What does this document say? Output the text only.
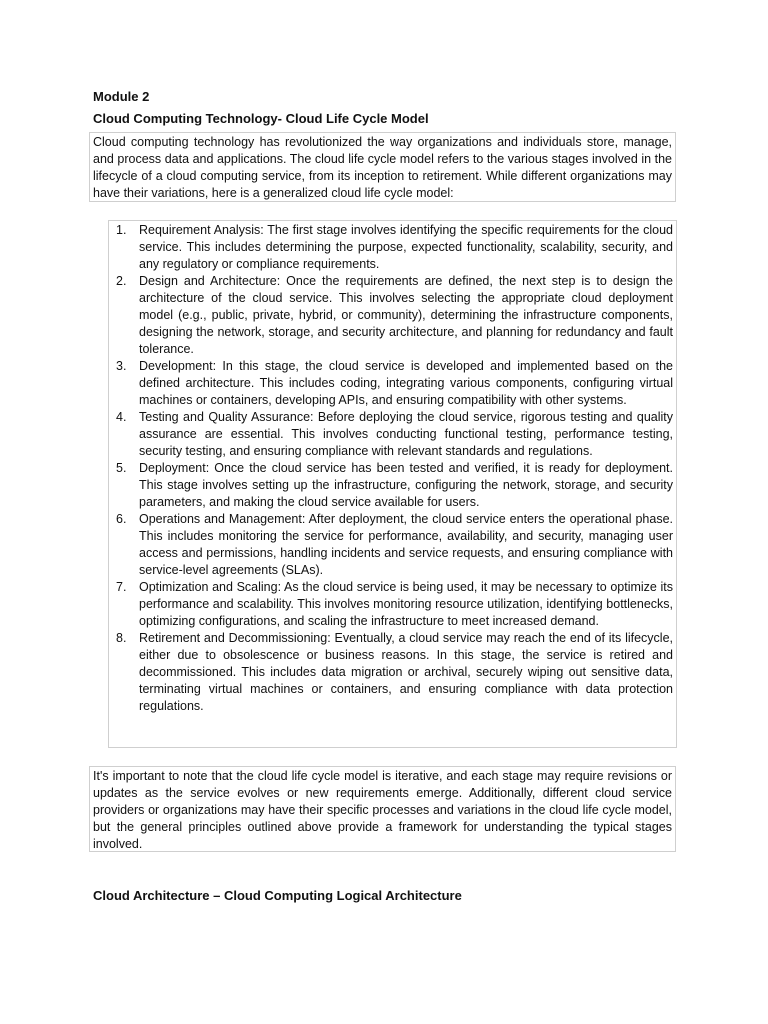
Module 2
Cloud Computing Technology- Cloud Life Cycle Model

Cloud computing technology has revolutionized the way organizations and individuals store, manage, and process data and applications. The cloud life cycle model refers to the various stages involved in the lifecycle of a cloud computing service, from its inception to retirement. While different organizations may have their variations, here is a generalized cloud life cycle model:

1. Requirement Analysis: The first stage involves identifying the specific requirements for the cloud service. This includes determining the purpose, expected functionality, scalability, security, and any regulatory or compliance requirements.
2. Design and Architecture: Once the requirements are defined, the next step is to design the architecture of the cloud service. This involves selecting the appropriate cloud deployment model (e.g., public, private, hybrid, or community), determining the infrastructure components, designing the network, storage, and security architecture, and planning for redundancy and fault tolerance.
3. Development: In this stage, the cloud service is developed and implemented based on the defined architecture. This includes coding, integrating various components, configuring virtual machines or containers, developing APIs, and ensuring compatibility with other systems.
4. Testing and Quality Assurance: Before deploying the cloud service, rigorous testing and quality assurance are essential. This involves conducting functional testing, performance testing, security testing, and ensuring compliance with relevant standards and regulations.
5. Deployment: Once the cloud service has been tested and verified, it is ready for deployment. This stage involves setting up the infrastructure, configuring the network, storage, and security parameters, and making the cloud service available for users.
6. Operations and Management: After deployment, the cloud service enters the operational phase. This includes monitoring the service for performance, availability, and security, managing user access and permissions, handling incidents and service requests, and ensuring compliance with service-level agreements (SLAs).
7. Optimization and Scaling: As the cloud service is being used, it may be necessary to optimize its performance and scalability. This involves monitoring resource utilization, identifying bottlenecks, optimizing configurations, and scaling the infrastructure to meet increased demand.
8. Retirement and Decommissioning: Eventually, a cloud service may reach the end of its lifecycle, either due to obsolescence or business reasons. In this stage, the service is retired and decommissioned. This includes data migration or archival, securely wiping out sensitive data, terminating virtual machines or containers, and ensuring compliance with data protection regulations.

It's important to note that the cloud life cycle model is iterative, and each stage may require revisions or updates as the service evolves or new requirements emerge. Additionally, different cloud service providers or organizations may have their specific processes and variations in the cloud life cycle model, but the general principles outlined above provide a framework for understanding the typical stages involved.

Cloud Architecture – Cloud Computing Logical Architecture
